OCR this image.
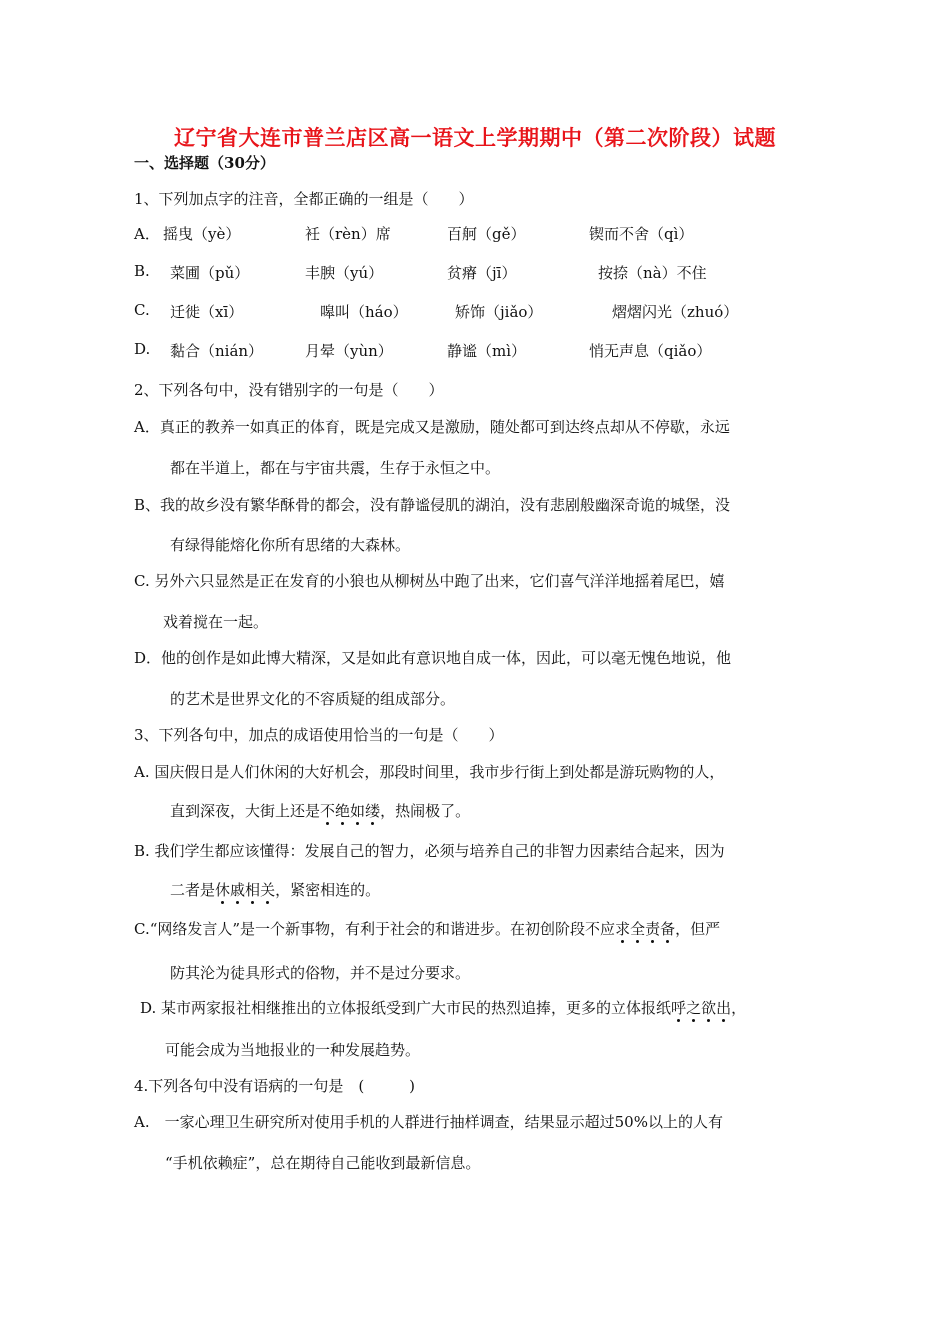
辽宁省大连市普兰店区高一语文上学期期中（第二次阶段）试题
一、选择题（30分）
1、下列加点字的注音，全都正确的一组是（　　）
A． 摇曳（yè）	衽（rèn）席	百舸（gě）	锲而不舍（qì）
B. 菜圃（pǔ）	丰腴（yú）	贫瘠（jī）	按捺（nà）不住
C. 迁徙（xī）	嗥叫（háo）	矫饰（jiǎo）	熠熠闪光（zhuó）
D. 黏合（nián）	月晕（yùn）	静谧（mì）	悄无声息（qiǎo）
2、下列各句中，没有错别字的一句是（　　）
A．真正的教养一如真正的体育，既是完成又是激励，随处都可到达终点却从不停歇，永远
都在半道上，都在与宇宙共震，生存于永恒之中。
B、我的故乡没有繁华酥骨的都会，没有静谧侵肌的湖泊，没有悲剧般幽深奇诡的城堡，没
有绿得能熔化你所有思绪的大森林。
C. 另外六只显然是正在发育的小狼也从柳树丛中跑了出来，它们喜气洋洋地摇着尾巴，嬉
戏着搅在一起。
D．他的创作是如此博大精深，又是如此有意识地自成一体，因此，可以毫无愧色地说，他
的艺术是世界文化的不容质疑的组成部分。
3、下列各句中，加点的成语使用恰当的一句是（　　）
A. 国庆假日是人们休闲的大好机会，那段时间里，我市步行街上到处都是游玩购物的人，
直到深夜，大街上还是不绝如缕，热闹极了。
B. 我们学生都应该懂得：发展自己的智力，必须与培养自己的非智力因素结合起来，因为
二者是休戚相关，紧密相连的。
C.“网络发言人”是一个新事物，有利于社会的和谐进步。在初创阶段不应求全责备，但严
防其沦为徒具形式的俗物，并不是过分要求。
D. 某市两家报社相继推出的立体报纸受到广大市民的热烈追捧，更多的立体报纸呼之欲出，
可能会成为当地报业的一种发展趋势。
4.下列各句中没有语病的一句是　(　　　)
A.　一家心理卫生研究所对使用手机的人群进行抽样调查，结果显示超过50%以上的人有
“手机依赖症”，总在期待自己能收到最新信息。
